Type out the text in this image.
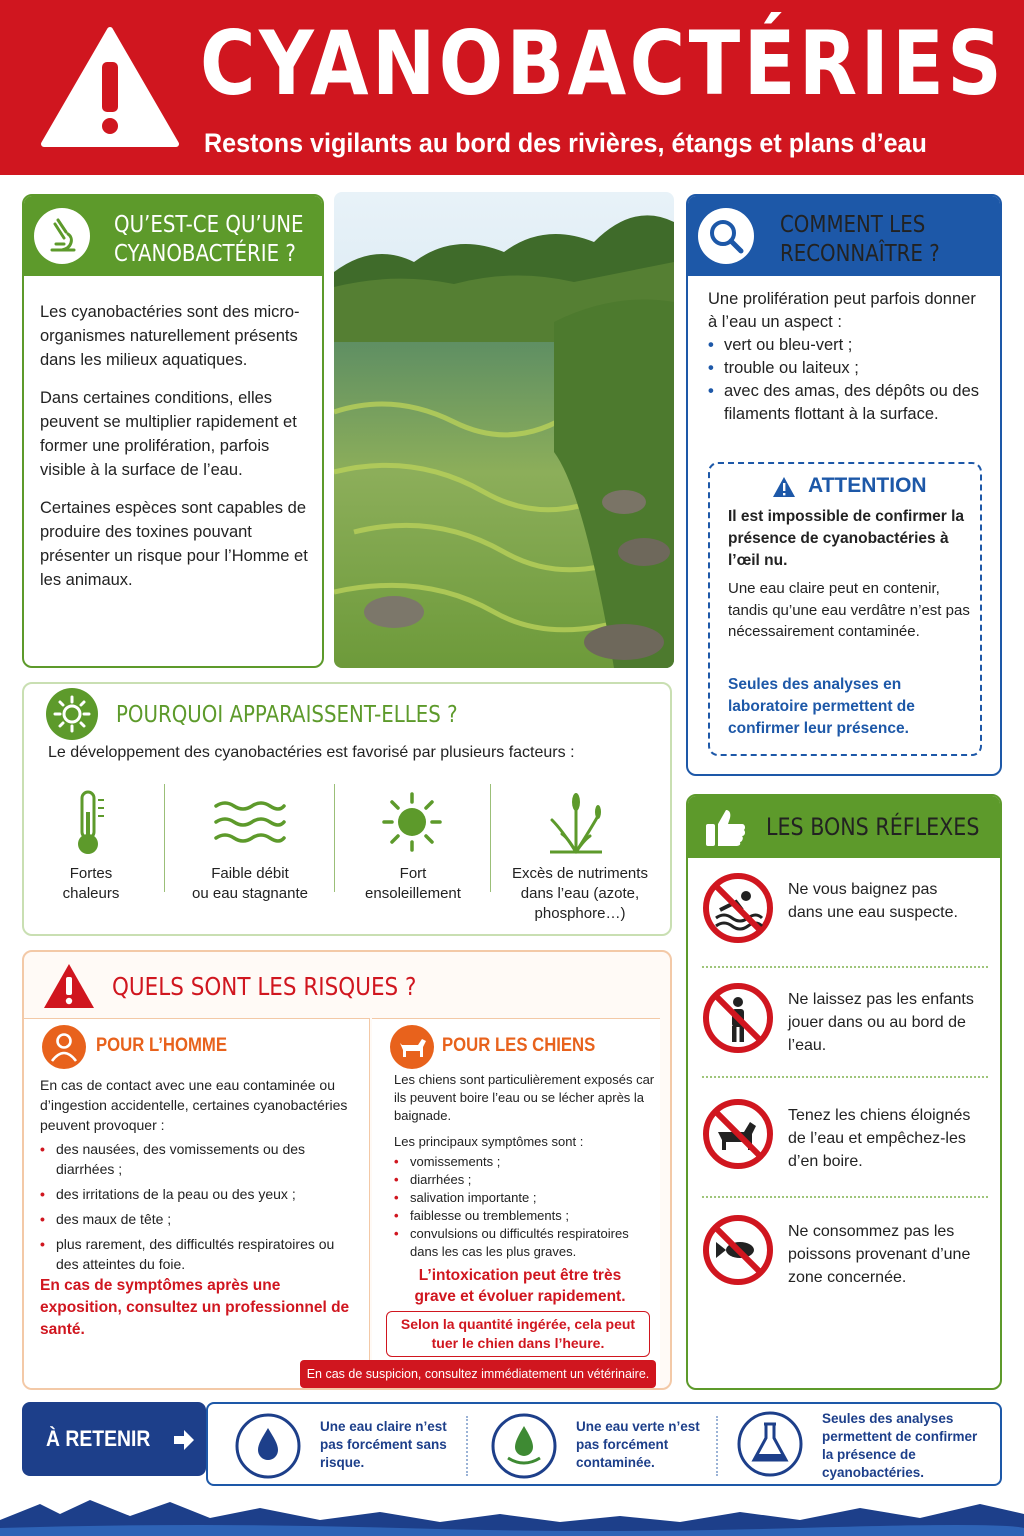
CYANOBACTÉRIES
Restons vigilants au bord des rivières, étangs et plans d’eau
QU’EST-CE QU’UNE
CYANOBACTÉRIE ?

Les cyanobactéries sont des micro-organismes naturellement présents dans les milieux aquatiques.

Dans certaines conditions, elles peuvent se multiplier rapidement et former une prolifération, parfois visible à la surface de l’eau.

Certaines espèces sont capables de produire des toxines pouvant présenter un risque pour l’Homme et les animaux.

COMMENT LES
RECONNAÎTRE ?
Une prolifération peut parfois donner à l’eau un aspect :
• vert ou bleu-vert ;
• trouble ou laiteux ;
• avec des amas, des dépôts ou des filaments flottant à la surface.
ATTENTION
Il est impossible de confirmer la présence de cyanobactéries à l’œil nu.
Une eau claire peut en contenir, tandis qu’une eau verdâtre n’est pas nécessairement contaminée.
Seules des analyses en laboratoire permettent de confirmer leur présence.
POURQUOI APPARAISSENT-ELLES ?
Le développement des cyanobactéries est favorisé par plusieurs facteurs :
Fortes
chaleurs
Faible débit
ou eau stagnante
Fort
ensoleillement
Excès de nutriments
dans l’eau (azote,
phosphore…)
QUELS SONT LES RISQUES ?
POUR L’HOMME
En cas de contact avec une eau contaminée ou d’ingestion accidentelle, certaines cyanobactéries peuvent provoquer :
• des nausées, des vomissements ou des diarrhées ;
• des irritations de la peau ou des yeux ;
• des maux de tête ;
• plus rarement, des difficultés respiratoires ou des atteintes du foie.
En cas de symptômes après une exposition, consultez un professionnel de santé.
POUR LES CHIENS
Les chiens sont particulièrement exposés car ils peuvent boire l’eau ou se lécher après la baignade.
Les principaux symptômes sont :
• vomissements ;
• diarrhées ;
• salivation importante ;
• faiblesse ou tremblements ;
• convulsions ou difficultés respiratoires dans les cas les plus graves.
L’intoxication peut être très grave et évoluer rapidement.
Selon la quantité ingérée, cela peut tuer le chien dans l’heure.
En cas de suspicion, consultez immédiatement un vétérinaire.
LES BONS RÉFLEXES
Ne vous baignez pas dans une eau suspecte.
Ne laissez pas les enfants jouer dans ou au bord de l’eau.
Tenez les chiens éloignés de l’eau et empêchez-les d’en boire.
Ne consommez pas les poissons provenant d’une zone concernée.
À RETENIR	Une eau claire n’est pas forcément sans risque.
Une eau verte n’est pas forcément contaminée.
Seules des analyses permettent de confirmer la présence de cyanobactéries.
